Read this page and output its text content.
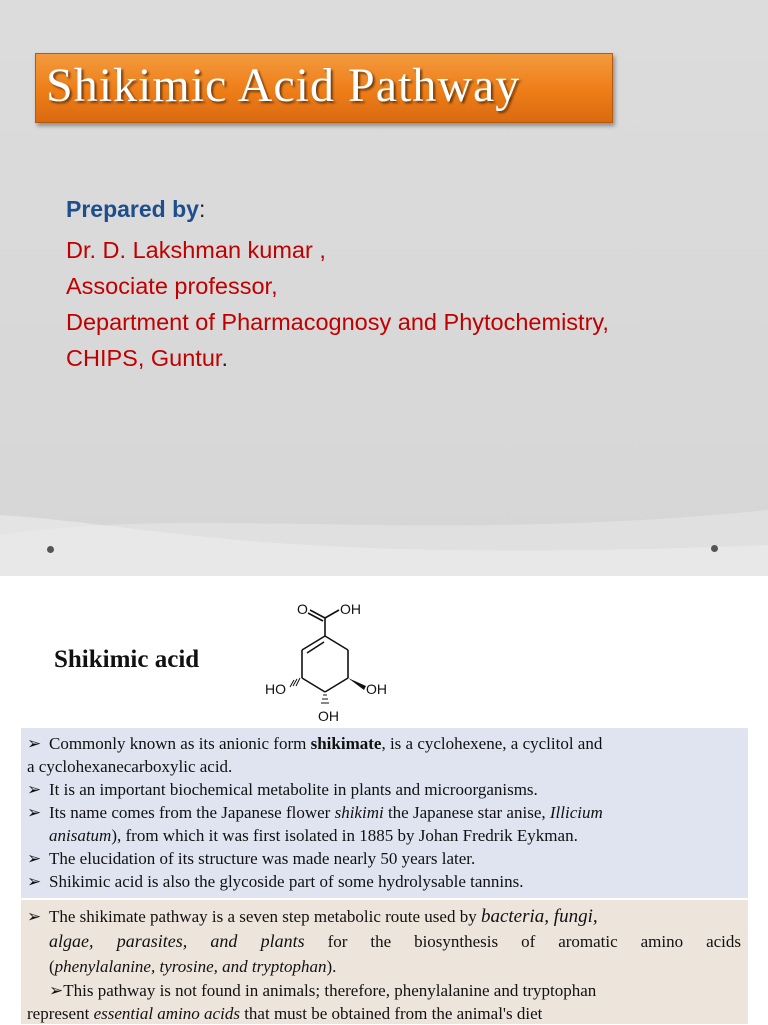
Shikimic Acid Pathway
Prepared by:
Dr. D. Lakshman kumar ,
Associate professor,
Department of Pharmacognosy and Phytochemistry,
CHIPS, Guntur.
Shikimic acid
O OH
OH
HO
OH
➢ Commonly known as its anionic form shikimate, is a cyclohexene, a cyclitol and
a cyclohexanecarboxylic acid.
➢ It is an important biochemical metabolite in plants and microorganisms.
➢ Its name comes from the Japanese flower shikimi the Japanese star anise, Illicium
anisatum), from which it was first isolated in 1885 by Johan Fredrik Eykman.
➢ The elucidation of its structure was made nearly 50 years later.
➢ Shikimic acid is also the glycoside part of some hydrolysable tannins.
➢ The shikimate pathway is a seven step metabolic route used by bacteria, fungi,
algae, parasites, and plants for the biosynthesis of aromatic amino acids
(phenylalanine, tyrosine, and tryptophan).
➢This pathway is not found in animals; therefore, phenylalanine and tryptophan
represent essential amino acids that must be obtained from the animal's diet
